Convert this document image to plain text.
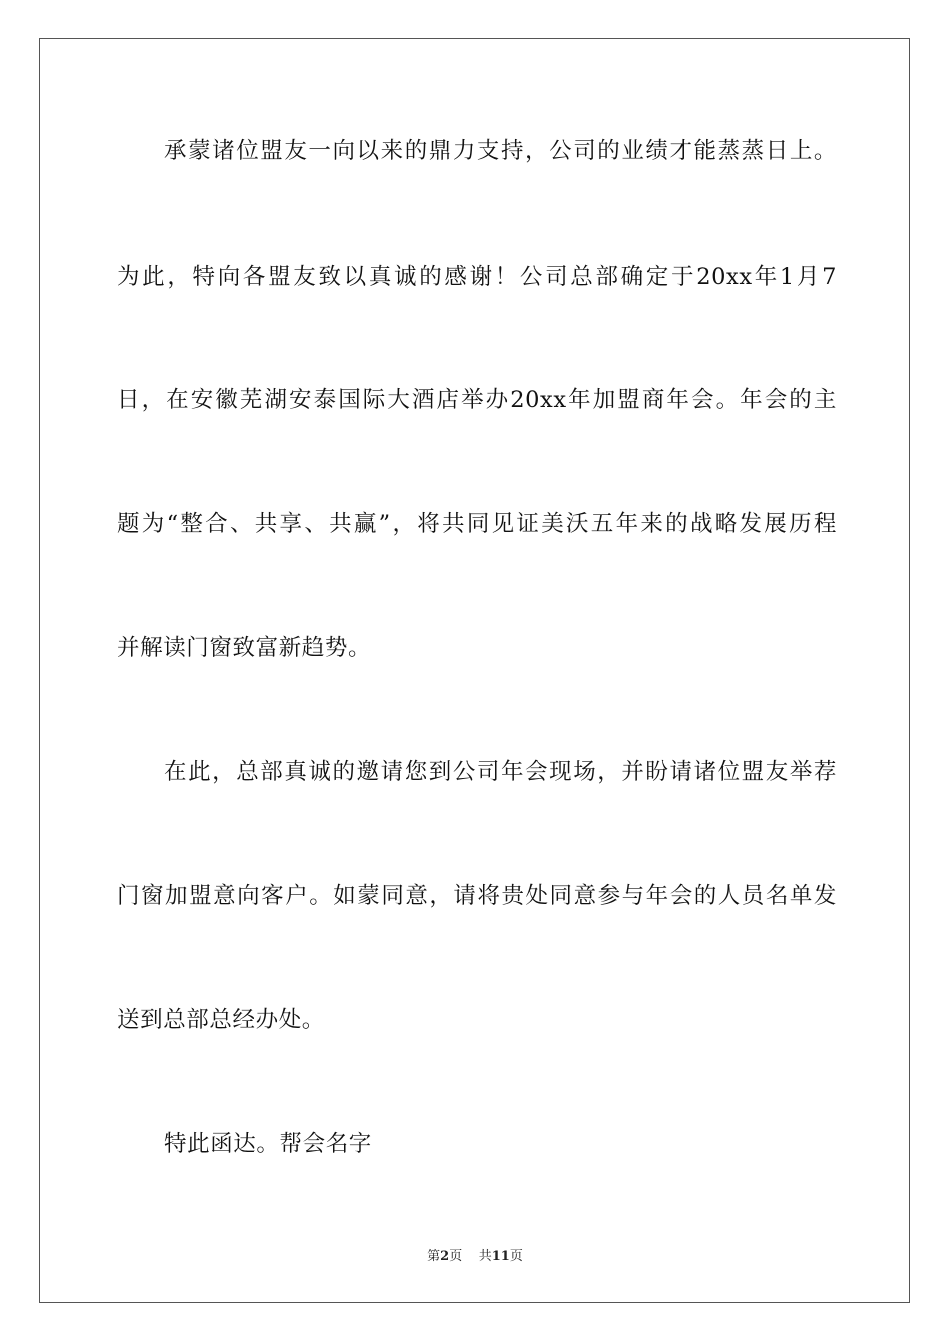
承蒙诸位盟友一向以来的鼎力支持，公司的业绩才能蒸蒸日上。
为此，特向各盟友致以真诚的感谢！公司总部确定于20xx年1月7
日，在安徽芜湖安泰国际大酒店举办20xx年加盟商年会。年会的主
题为“整合、共享、共赢”，将共同见证美沃五年来的战略发展历程
并解读门窗致富新趋势。
在此，总部真诚的邀请您到公司年会现场，并盼请诸位盟友举荐
门窗加盟意向客户。如蒙同意，请将贵处同意参与年会的人员名单发
送到总部总经办处。
特此函达。帮会名字
第2页 共11页
